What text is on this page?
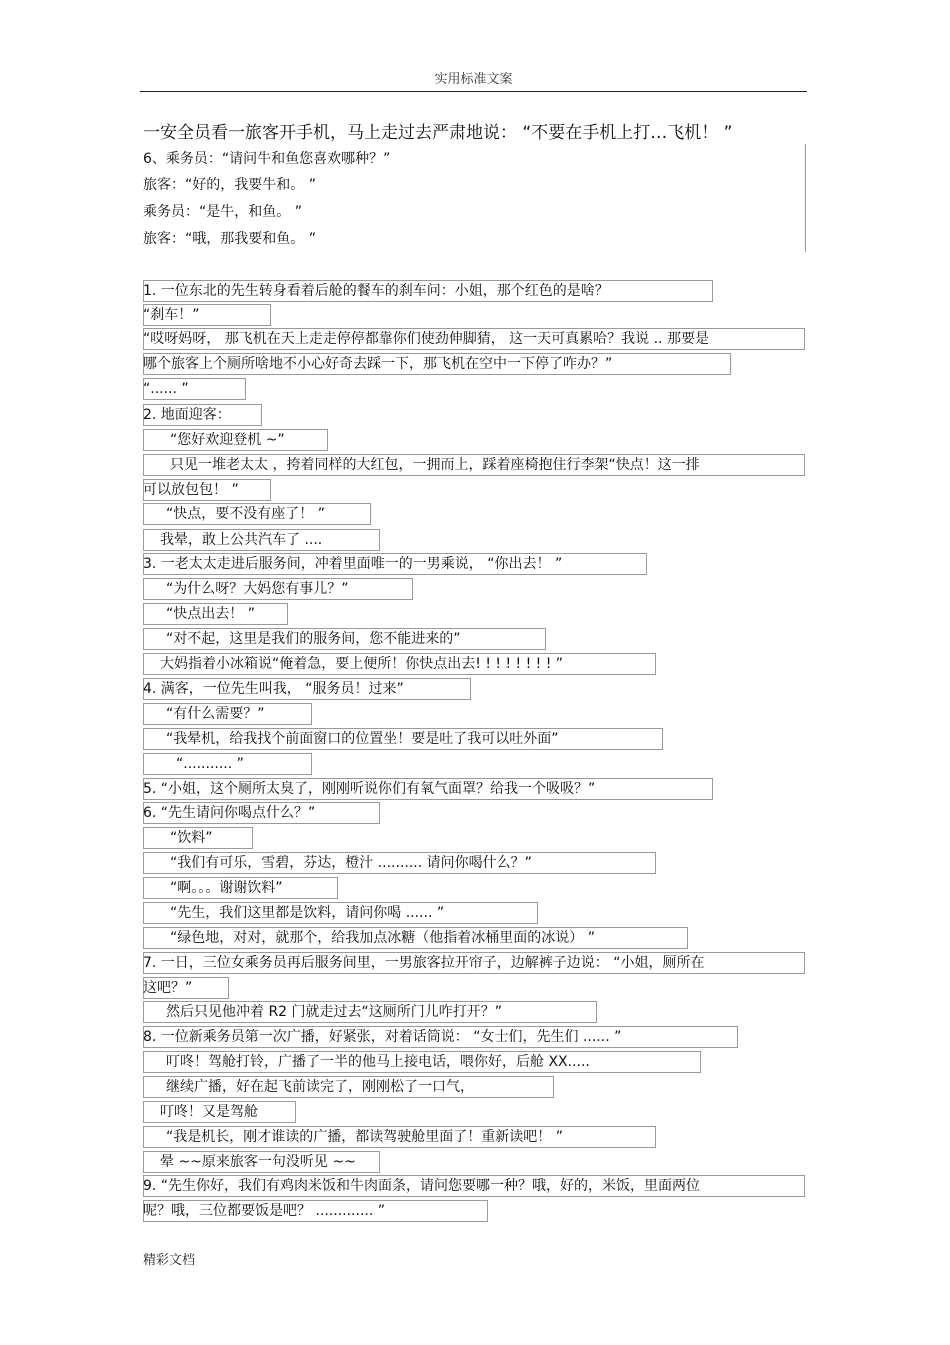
实用标准文案
一安全员看一旅客开手机，马上走过去严肃地说： “不要在手机上打…飞机！ ”
6、乘务员：“请问牛和鱼您喜欢哪种？”
旅客：“好的，我要牛和。 ”
乘务员：“是牛，和鱼。 ”
旅客：“哦，那我要和鱼。 ”
1. 一位东北的先生转身看着后舱的餐车的刹车问：小姐，那个红色的是啥？
“刹车！”
“哎呀妈呀， 那飞机在天上走走停停都靠你们使劲伸脚猜， 这一天可真累哈？我说 .. 那要是
哪个旅客上个厕所啥地不小心好奇去踩一下，那飞机在空中一下停了咋办？”
“...... ”
2. 地面迎客：
“您好欢迎登机 ~”
只见一堆老太太 ，挎着同样的大红包，一拥而上，踩着座椅抱住行李架“快点！这一排
可以放包包！ ”
“快点，要不没有座了！ ”
我晕，敢上公共汽车了 ....
3. 一老太太走进后服务间，冲着里面唯一的一男乘说， “你出去！ ”
“为什么呀？大妈您有事儿？”
“快点出去！ ”
“对不起，这里是我们的服务间，您不能进来的”
大妈指着小冰箱说“俺着急，要上便所！你快点出去! ! ! ! ! ! ! ! ”
4. 满客，一位先生叫我， “服务员！过来”
“有什么需要？”
“我晕机，给我找个前面窗口的位置坐！要是吐了我可以吐外面”
“........... ”
5. “小姐，这个厕所太臭了，刚刚听说你们有氧气面罩？给我一个吸吸？”
6. “先生请问你喝点什么？”
“饮料”
“我们有可乐，雪碧，芬达，橙汁 .......... 请问你喝什么？”
“啊。。。谢谢饮料”
“先生，我们这里都是饮料，请问你喝 ...... ”
“绿色地，对对，就那个，给我加点冰糖（他指着冰桶里面的冰说） ”
7. 一日，三位女乘务员再后服务间里，一男旅客拉开帘子，边解裤子边说： “小姐，厕所在
这吧？”
然后只见他冲着 R2 门就走过去“这厕所门儿咋打开？”
8. 一位新乘务员第一次广播，好紧张，对着话筒说： “女士们，先生们 ...... ”
叮咚！驾舱打铃，广播了一半的他马上接电话，喂你好，后舱 XX.....
继续广播，好在起飞前读完了，刚刚松了一口气，
叮咚！又是驾舱
“我是机长，刚才谁读的广播，都读驾驶舱里面了！重新读吧！ ”
晕 ~~原来旅客一句没听见 ~~
9. “先生你好，我们有鸡肉米饭和牛肉面条，请问您要哪一种？哦，好的，米饭，里面两位
呢？哦，三位都要饭是吧？ ............. ”
精彩文档
